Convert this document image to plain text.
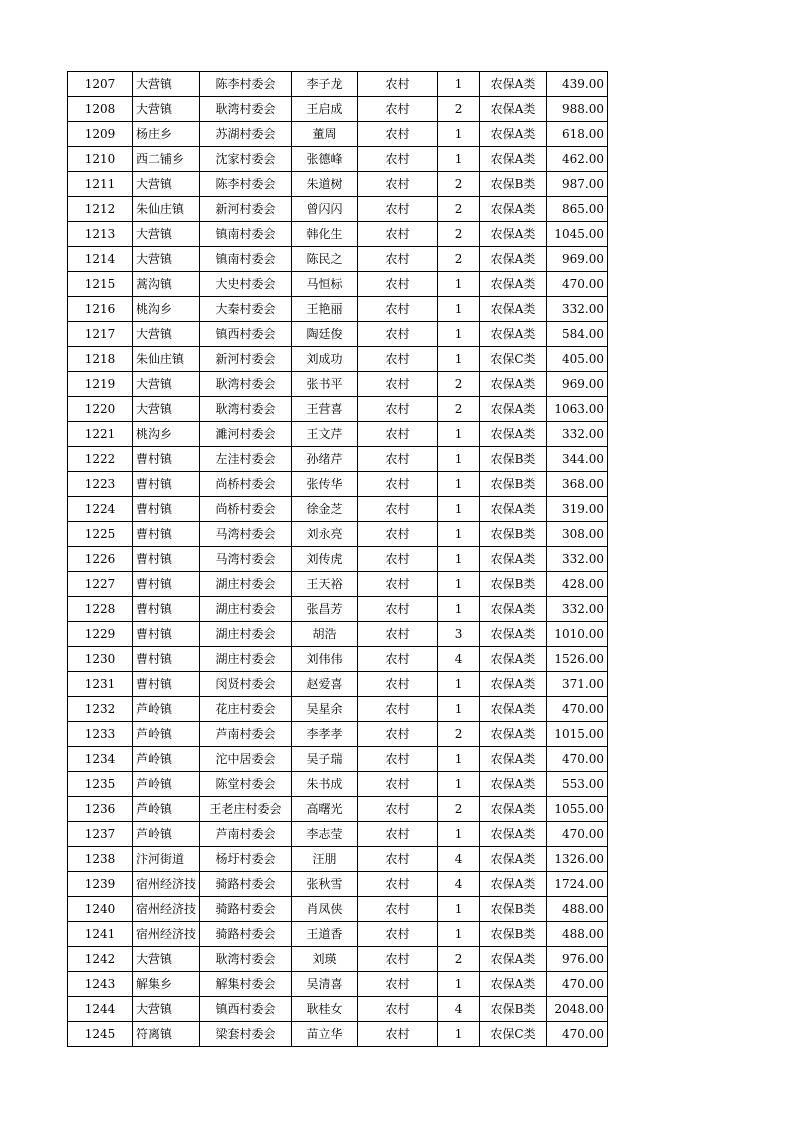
1207	大营镇	陈李村委会	李子龙	农村	1	农保A类	439.00
1208	大营镇	耿湾村委会	王启成	农村	2	农保A类	988.00
1209	杨庄乡	苏湖村委会	董周	农村	1	农保A类	618.00
1210	西二铺乡	沈家村委会	张德峰	农村	1	农保A类	462.00
1211	大营镇	陈李村委会	朱道树	农村	2	农保B类	987.00
1212	朱仙庄镇	新河村委会	曾闪闪	农村	2	农保A类	865.00
1213	大营镇	镇南村委会	韩化生	农村	2	农保A类	1045.00
1214	大营镇	镇南村委会	陈民之	农村	2	农保A类	969.00
1215	蒿沟镇	大史村委会	马恒标	农村	1	农保A类	470.00
1216	桃沟乡	大秦村委会	王艳丽	农村	1	农保A类	332.00
1217	大营镇	镇西村委会	陶廷俊	农村	1	农保A类	584.00
1218	朱仙庄镇	新河村委会	刘成功	农村	1	农保C类	405.00
1219	大营镇	耿湾村委会	张书平	农村	2	农保A类	969.00
1220	大营镇	耿湾村委会	王营喜	农村	2	农保A类	1063.00
1221	桃沟乡	濉河村委会	王文芹	农村	1	农保A类	332.00
1222	曹村镇	左洼村委会	孙绪芹	农村	1	农保B类	344.00
1223	曹村镇	尚桥村委会	张传华	农村	1	农保B类	368.00
1224	曹村镇	尚桥村委会	徐金芝	农村	1	农保A类	319.00
1225	曹村镇	马湾村委会	刘永亮	农村	1	农保B类	308.00
1226	曹村镇	马湾村委会	刘传虎	农村	1	农保A类	332.00
1227	曹村镇	湖庄村委会	王天裕	农村	1	农保B类	428.00
1228	曹村镇	湖庄村委会	张昌芳	农村	1	农保A类	332.00
1229	曹村镇	湖庄村委会	胡浩	农村	3	农保A类	1010.00
1230	曹村镇	湖庄村委会	刘伟伟	农村	4	农保A类	1526.00
1231	曹村镇	闵贤村委会	赵爱喜	农村	1	农保A类	371.00
1232	芦岭镇	花庄村委会	吴星余	农村	1	农保A类	470.00
1233	芦岭镇	芦南村委会	李孝孝	农村	2	农保A类	1015.00
1234	芦岭镇	沱中居委会	吴子瑞	农村	1	农保A类	470.00
1235	芦岭镇	陈堂村委会	朱书成	农村	1	农保A类	553.00
1236	芦岭镇	王老庄村委会	高曙光	农村	2	农保A类	1055.00
1237	芦岭镇	芦南村委会	李志莹	农村	1	农保A类	470.00
1238	汴河街道	杨圩村委会	汪朋	农村	4	农保A类	1326.00
1239	宿州经济技	骑路村委会	张秋雪	农村	4	农保A类	1724.00
1240	宿州经济技	骑路村委会	肖凤侠	农村	1	农保B类	488.00
1241	宿州经济技	骑路村委会	王道香	农村	1	农保B类	488.00
1242	大营镇	耿湾村委会	刘瑛	农村	2	农保A类	976.00
1243	解集乡	解集村委会	吴清喜	农村	1	农保A类	470.00
1244	大营镇	镇西村委会	耿桂女	农村	4	农保B类	2048.00
1245	符离镇	梁套村委会	苗立华	农村	1	农保C类	470.00
